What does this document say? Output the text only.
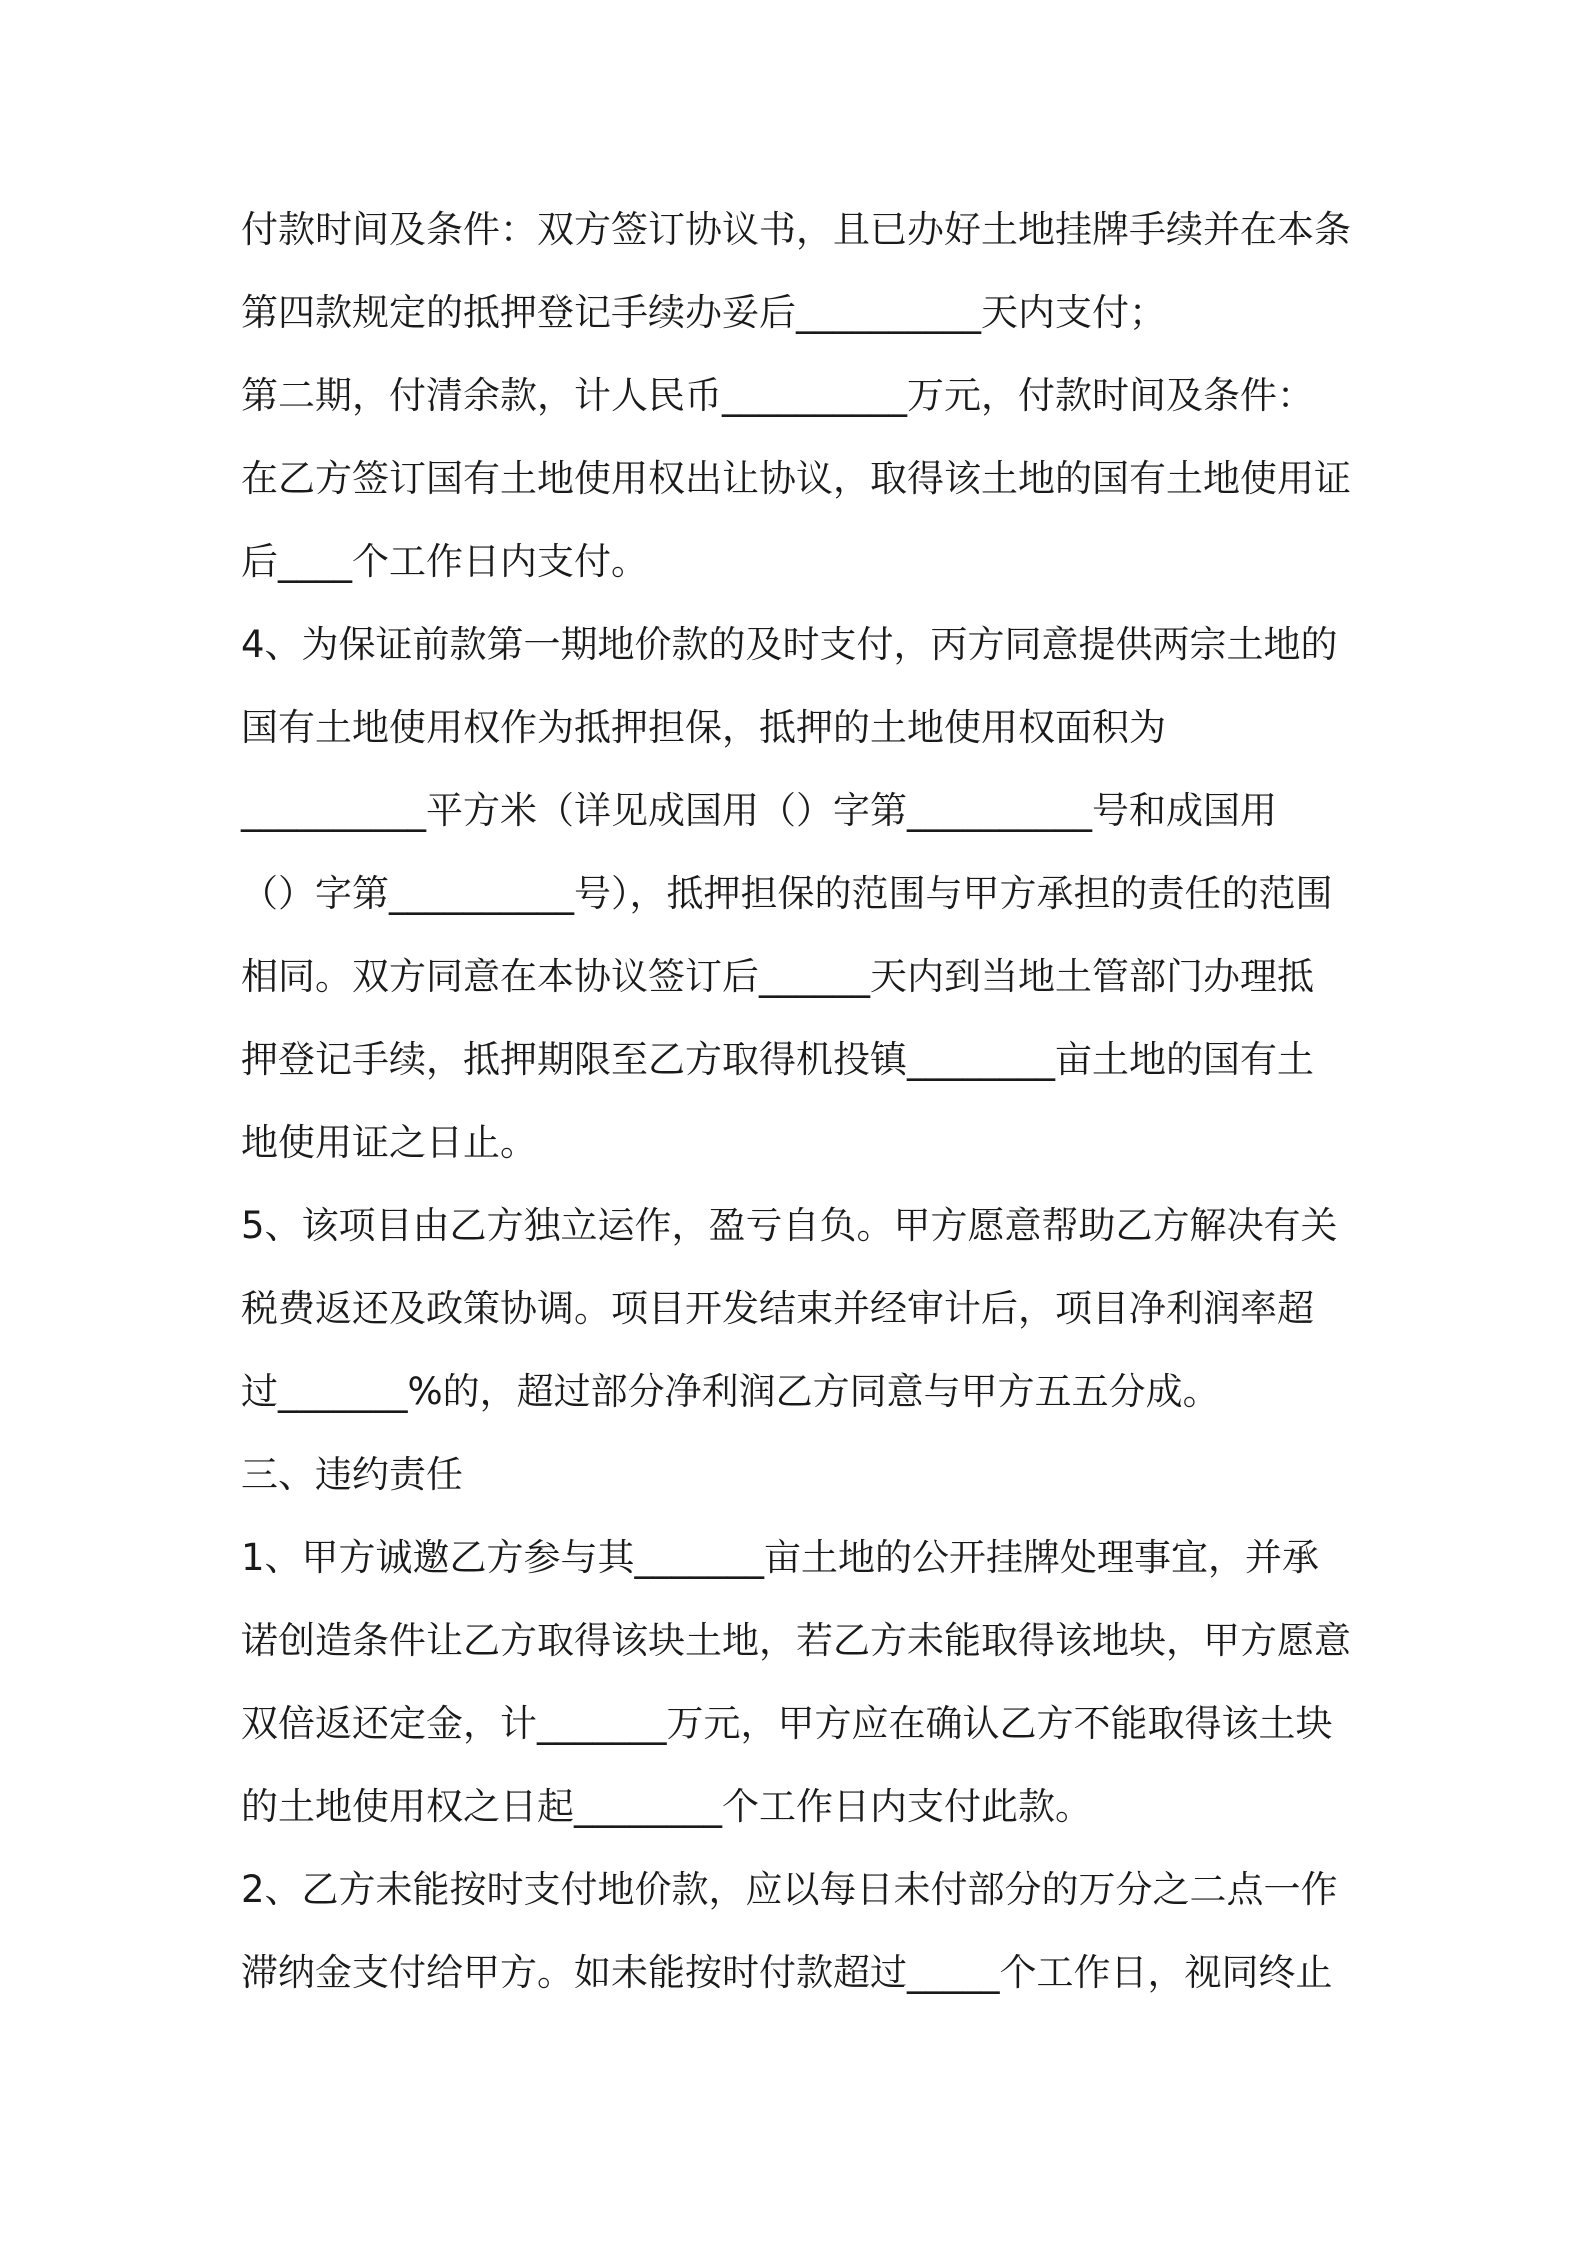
付款时间及条件：双方签订协议书，且已办好土地挂牌手续并在本条
第四款规定的抵押登记手续办妥后__________天内支付；
第二期，付清余款，计人民币__________万元，付款时间及条件：
在乙方签订国有土地使用权出让协议，取得该土地的国有土地使用证
后____个工作日内支付。
4、为保证前款第一期地价款的及时支付，丙方同意提供两宗土地的
国有土地使用权作为抵押担保，抵押的土地使用权面积为
__________平方米（详见成国用（）字第__________号和成国用
（）字第__________号），抵押担保的范围与甲方承担的责任的范围
相同。双方同意在本协议签订后______天内到当地土管部门办理抵
押登记手续，抵押期限至乙方取得机投镇________亩土地的国有土
地使用证之日止。
5、该项目由乙方独立运作，盈亏自负。甲方愿意帮助乙方解决有关
税费返还及政策协调。项目开发结束并经审计后，项目净利润率超
过_______%的，超过部分净利润乙方同意与甲方五五分成。
三、违约责任
1、甲方诚邀乙方参与其_______亩土地的公开挂牌处理事宜，并承
诺创造条件让乙方取得该块土地，若乙方未能取得该地块，甲方愿意
双倍返还定金，计_______万元，甲方应在确认乙方不能取得该土块
的土地使用权之日起________个工作日内支付此款。
2、乙方未能按时支付地价款，应以每日未付部分的万分之二点一作
滞纳金支付给甲方。如未能按时付款超过_____个工作日，视同终止
